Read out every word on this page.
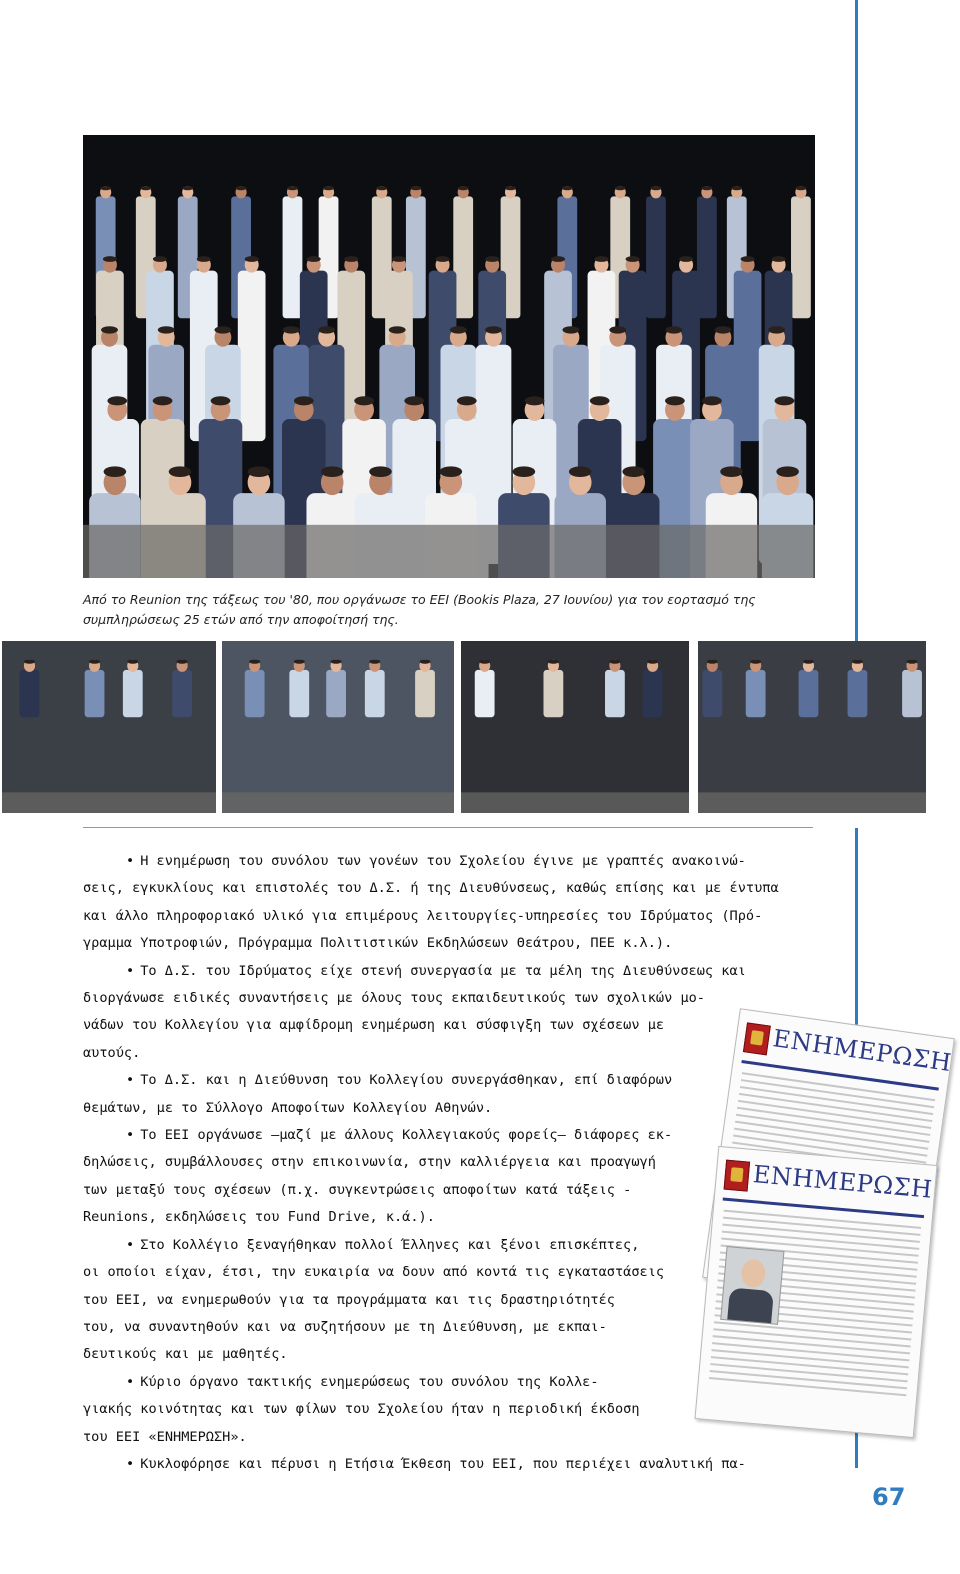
Από το Reunion της τάξεως του '80, που οργάνωσε το ΕΕΙ (Bookis Plaza, 27 Ιουνίου) για τον εορτασμό της συμπληρώσεως 25 ετών από την αποφοίτησή της.
ΕΝΗΜΕΡΩΣΗ
ΕΝΗΜΕΡΩΣΗ
• Η ενημέρωση του συνόλου των γονέων του Σχολείου έγινε με γραπτές ανακοινώ-
σεις, εγκυκλίους και επιστολές του Δ.Σ. ή της Διευθύνσεως, καθώς επίσης και με έντυπα
και άλλο πληροφοριακό υλικό για επιμέρους λειτουργίες-υπηρεσίες του Ιδρύματος (Πρό-
γραμμα Υποτροφιών, Πρόγραμμα Πολιτιστικών Εκδηλώσεων Θεάτρου, ΠΕΕ κ.λ.).
• Το Δ.Σ. του Ιδρύματος είχε στενή συνεργασία με τα μέλη της Διευθύνσεως και
διοργάνωσε ειδικές συναντήσεις με όλους τους εκπαιδευτικούς των σχολικών μο-
νάδων του Κολλεγίου για αμφίδρομη ενημέρωση και σύσφιγξη των σχέσεων με
αυτούς.
• Το Δ.Σ. και η Διεύθυνση του Κολλεγίου συνεργάσθηκαν, επί διαφόρων
θεμάτων, με το Σύλλογο Αποφοίτων Κολλεγίου Αθηνών.
• Το ΕΕΙ οργάνωσε –μαζί με άλλους Κολλεγιακούς φορείς– διάφορες εκ-
δηλώσεις, συμβάλλουσες στην επικοινωνία, στην καλλιέργεια και προαγωγή
των μεταξύ τους σχέσεων (π.χ. συγκεντρώσεις αποφοίτων κατά τάξεις -
Reunions, εκδηλώσεις του Fund Drive, κ.ά.).
• Στο Κολλέγιο ξεναγήθηκαν πολλοί Έλληνες και ξένοι επισκέπτες,
οι οποίοι είχαν, έτσι, την ευκαιρία να δουν από κοντά τις εγκαταστάσεις
του ΕΕΙ, να ενημερωθούν για τα προγράμματα και τις δραστηριότητές
του, να συναντηθούν και να συζητήσουν με τη Διεύθυνση, με εκπαι-
δευτικούς και με μαθητές.
• Κύριο όργανο τακτικής ενημερώσεως του συνόλου της Κολλε-
γιακής κοινότητας και των φίλων του Σχολείου ήταν η περιοδική έκδοση
του ΕΕΙ «ΕΝΗΜΕΡΩΣΗ».
• Κυκλοφόρησε και πέρυσι η Ετήσια Έκθεση του ΕΕΙ, που περιέχει αναλυτική πα-
67
